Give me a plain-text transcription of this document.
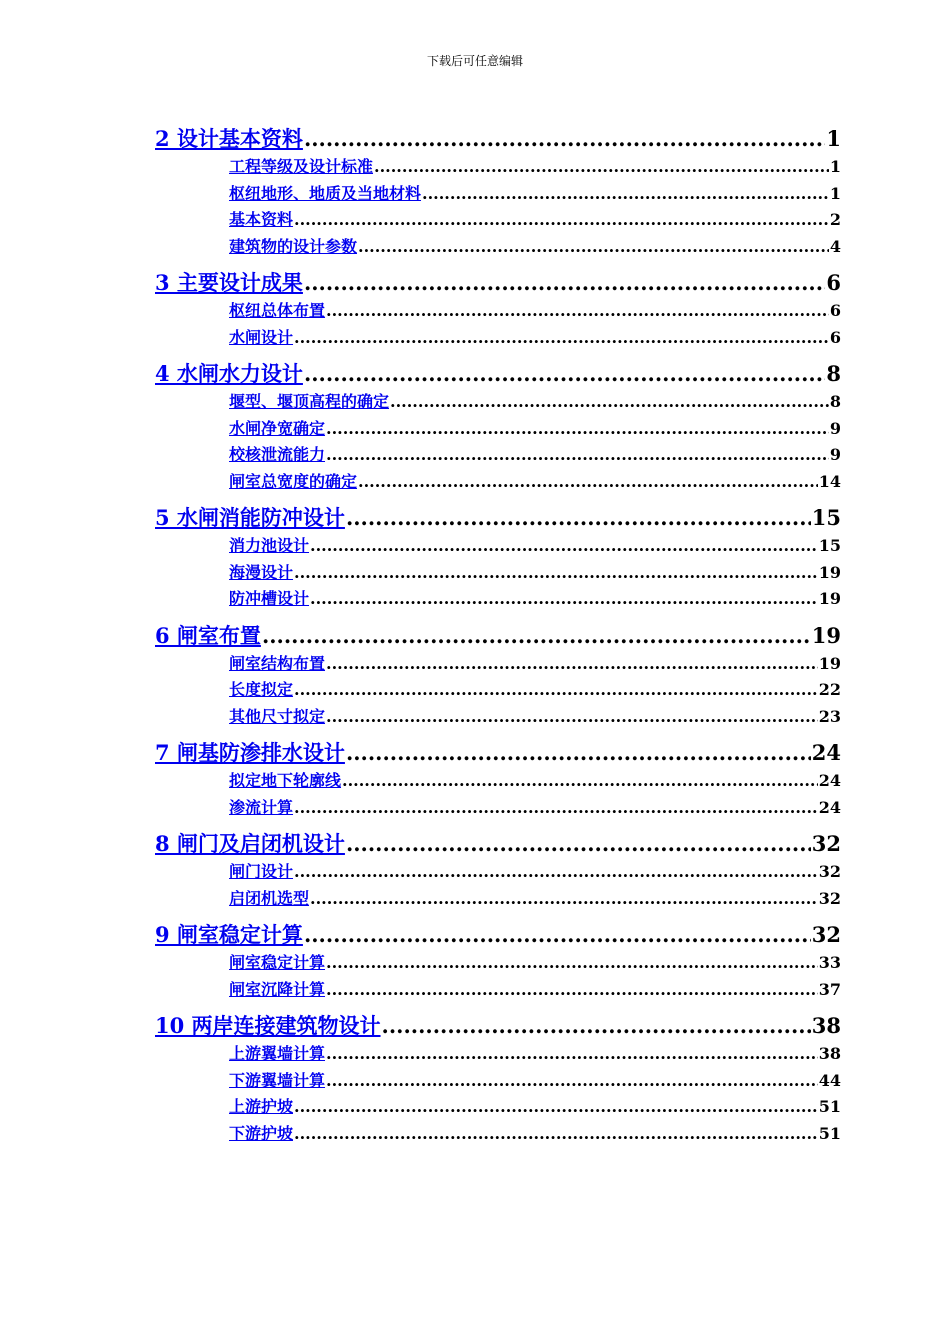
下载后可任意编辑
2 设计基本资料 .....	1
工程等级及设计标准 .....	1
枢纽地形、地质及当地材料 .....	1
基本资料 .....	2
建筑物的设计参数 .....	4
3 主要设计成果 .....	6
枢纽总体布置 .....	6
水闸设计 .....	6
4 水闸水力设计 .....	8
堰型、堰顶高程的确定 .....	8
水闸净宽确定 .....	9
校核泄流能力 .....	9
闸室总宽度的确定 .....	14
5 水闸消能防冲设计 .....	15
消力池设计 .....	15
海漫设计 .....	19
防冲槽设计 .....	19
6 闸室布置 .....	19
闸室结构布置 .....	19
长度拟定 .....	22
其他尺寸拟定 .....	23
7 闸基防渗排水设计 .....	24
拟定地下轮廓线 .....	24
渗流计算 .....	24
8 闸门及启闭机设计 .....	32
闸门设计 .....	32
启闭机选型 .....	32
9 闸室稳定计算 .....	32
闸室稳定计算 .....	33
闸室沉降计算 .....	37
10 两岸连接建筑物设计 .....	38
上游翼墙计算 .....	38
下游翼墙计算 .....	44
上游护坡 .....	51
下游护坡 .....	51
